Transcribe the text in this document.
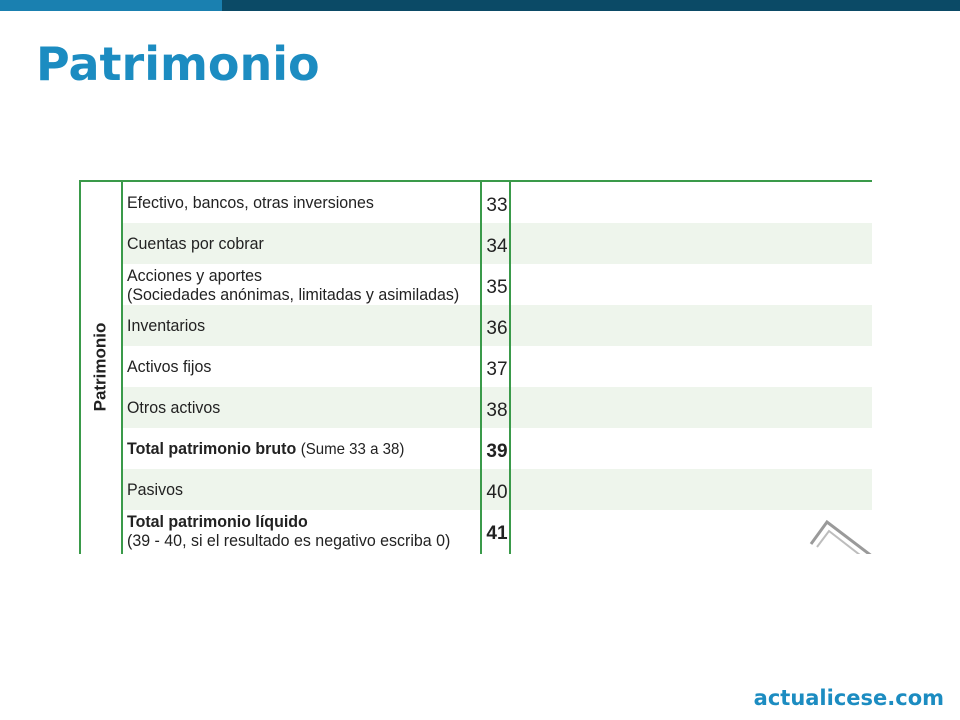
Patrimonio
Patrimonio
Efectivo, bancos, otras inversiones	33
Cuentas por cobrar	34
Acciones y aportes
(Sociedades anónimas, limitadas y asimiladas) 35
Inventarios	36
Activos fijos	37
Otros activos	38
Total patrimonio bruto (Sume 33 a 38)	39
Pasivos	40
Total patrimonio líquido
(39 - 40, si el resultado es negativo escriba 0)	41
actualicese.com
